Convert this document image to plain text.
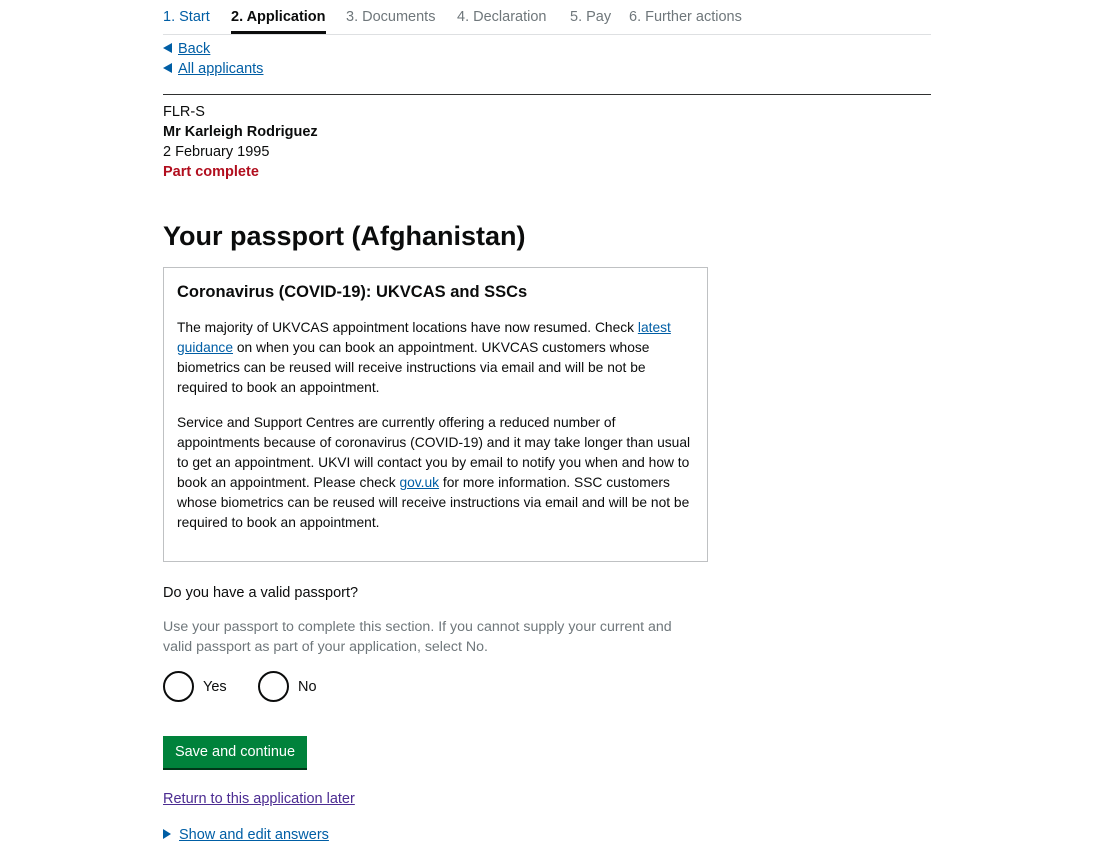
1. Start 2. Application 3. Documents 4. Declaration 5. Pay 6. Further actions
Back
All applicants
FLR-S
Mr Karleigh Rodriguez
2 February 1995
Part complete
Your passport (Afghanistan)
Coronavirus (COVID-19): UKVCAS and SSCs

The majority of UKVCAS appointment locations have now resumed. Check latest guidance on when you can book an appointment. UKVCAS customers whose biometrics can be reused will receive instructions via email and will be not be required to book an appointment.

Service and Support Centres are currently offering a reduced number of appointments because of coronavirus (COVID-19) and it may take longer than usual to get an appointment. UKVI will contact you by email to notify you when and how to book an appointment. Please check gov.uk for more information. SSC customers whose biometrics can be reused will receive instructions via email and will be not be required to book an appointment.

Do you have a valid passport?
Use your passport to complete this section. If you cannot supply your current and valid passport as part of your application, select No.
Yes	No
Save and continue
Return to this application later
Show and edit answers
